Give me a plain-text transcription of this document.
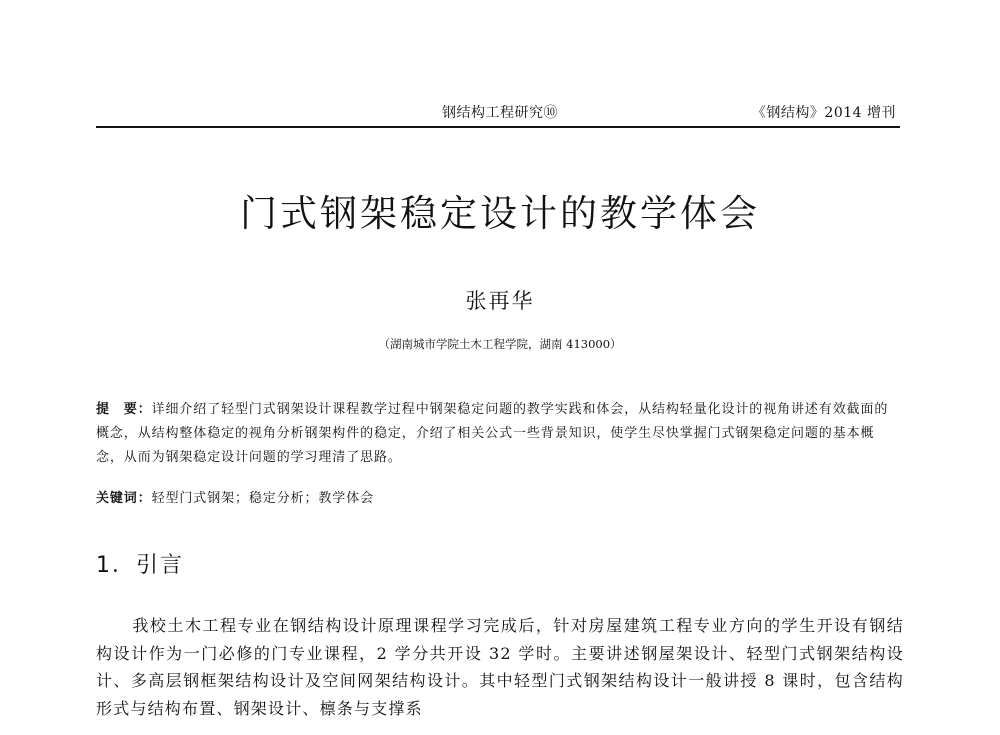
钢结构工程研究⑩	《钢结构》2014 增刊
门式钢架稳定设计的教学体会
张再华
（湖南城市学院土木工程学院，湖南 413000）
提　要：详细介绍了轻型门式钢架设计课程教学过程中钢架稳定问题的教学实践和体会，从结构轻量化设计的视角讲述有效截面的概念，从结构整体稳定的视角分析钢架构件的稳定，介绍了相关公式一些背景知识，使学生尽快掌握门式钢架稳定问题的基本概念，从而为钢架稳定设计问题的学习理清了思路。
关键词：轻型门式钢架；稳定分析；教学体会
1．引言
我校土木工程专业在钢结构设计原理课程学习完成后，针对房屋建筑工程专业方向的学生开设有钢结构设计作为一门必修的门专业课程，2 学分共开设 32 学时。主要讲述钢屋架设计、轻型门式钢架结构设计、多高层钢框架结构设计及空间网架结构设计。其中轻型门式钢架结构设计一般讲授 8 课时，包含结构形式与结构布置、钢架设计、檩条与支撑系
